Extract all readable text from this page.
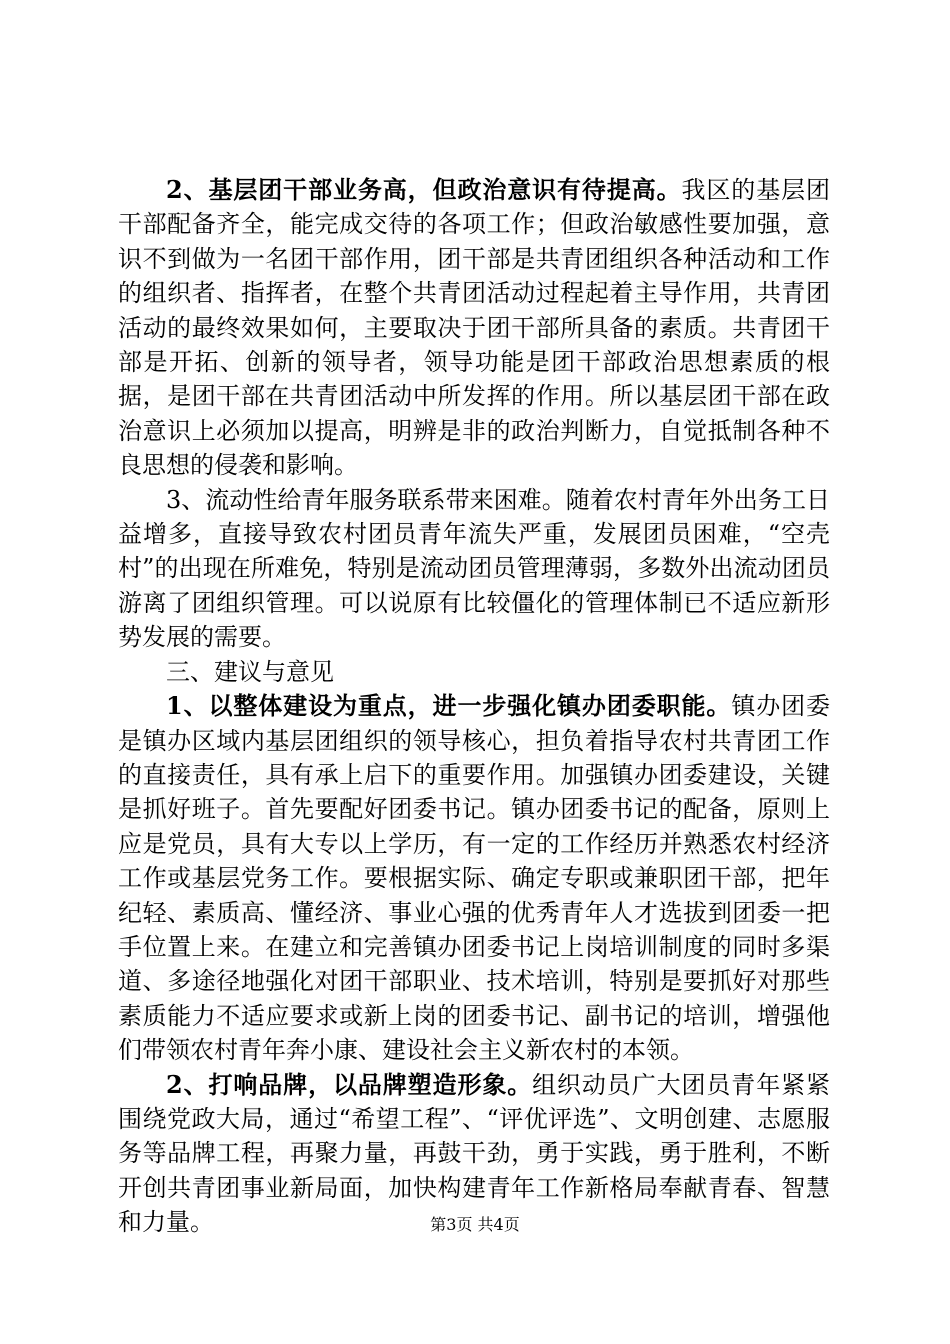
2、基层团干部业务高，但政治意识有待提高。我区的基层团干部配备齐全，能完成交待的各项工作；但政治敏感性要加强，意识不到做为一名团干部作用，团干部是共青团组织各种活动和工作的组织者、指挥者，在整个共青团活动过程起着主导作用，共青团活动的最终效果如何，主要取决于团干部所具备的素质。共青团干部是开拓、创新的领导者，领导功能是团干部政治思想素质的根据，是团干部在共青团活动中所发挥的作用。所以基层团干部在政治意识上必须加以提高，明辨是非的政治判断力，自觉抵制各种不良思想的侵袭和影响。

3、流动性给青年服务联系带来困难。随着农村青年外出务工日益增多，直接导致农村团员青年流失严重，发展团员困难，“空壳村”的出现在所难免，特别是流动团员管理薄弱，多数外出流动团员游离了团组织管理。可以说原有比较僵化的管理体制已不适应新形势发展的需要。

三、建议与意见

1、以整体建设为重点，进一步强化镇办团委职能。镇办团委是镇办区域内基层团组织的领导核心，担负着指导农村共青团工作的直接责任，具有承上启下的重要作用。加强镇办团委建设，关键是抓好班子。首先要配好团委书记。镇办团委书记的配备，原则上应是党员，具有大专以上学历，有一定的工作经历并熟悉农村经济工作或基层党务工作。要根据实际、确定专职或兼职团干部，把年纪轻、素质高、懂经济、事业心强的优秀青年人才选拔到团委一把手位置上来。在建立和完善镇办团委书记上岗培训制度的同时多渠道、多途径地强化对团干部职业、技术培训，特别是要抓好对那些素质能力不适应要求或新上岗的团委书记、副书记的培训，增强他们带领农村青年奔小康、建设社会主义新农村的本领。

2、打响品牌，以品牌塑造形象。组织动员广大团员青年紧紧围绕党政大局，通过“希望工程”、“评优评选”、文明创建、志愿服务等品牌工程，再聚力量，再鼓干劲，勇于实践，勇于胜利，不断开创共青团事业新局面，加快构建青年工作新格局奉献青春、智慧和力量。	第3页 共4页
